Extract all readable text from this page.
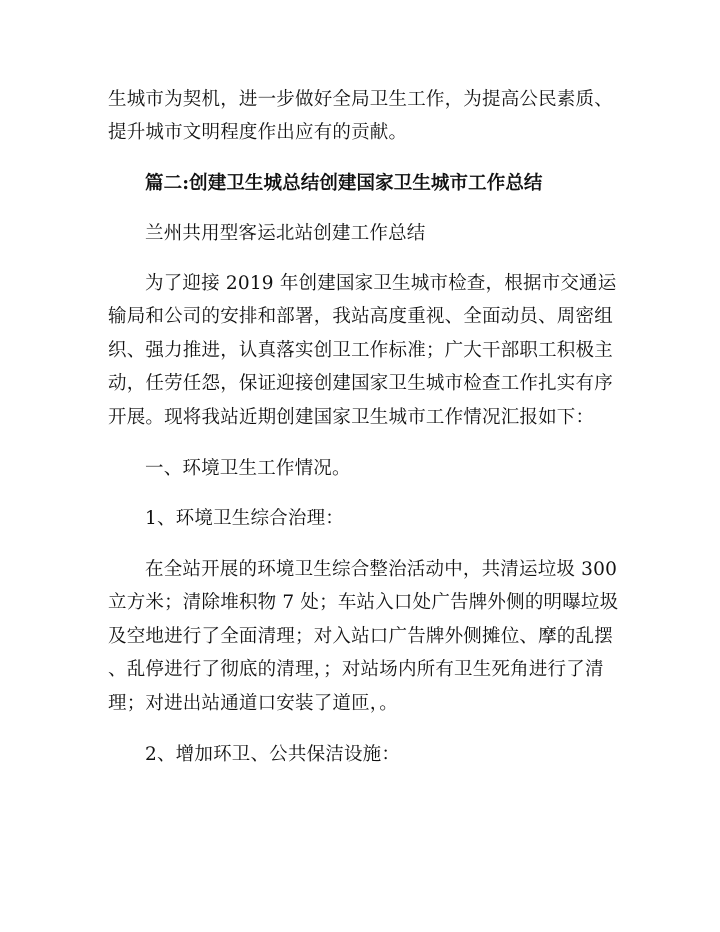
生城市为契机，进一步做好全局卫生工作，为提高公民素质、
提升城市文明程度作出应有的贡献。
篇二:创建卫生城总结创建国家卫生城市工作总结
兰州共用型客运北站创建工作总结
为了迎接 2019 年创建国家卫生城市检查，根据市交通运
输局和公司的安排和部署，我站高度重视、全面动员、周密组
织、强力推进，认真落实创卫工作标准；广大干部职工积极主
动，任劳任怨，保证迎接创建国家卫生城市检查工作扎实有序
开展。现将我站近期创建国家卫生城市工作情况汇报如下：
一、环境卫生工作情况。
1、环境卫生综合治理：
在全站开展的环境卫生综合整治活动中，共清运垃圾 300
立方米；清除堆积物 7 处；车站入口处广告牌外侧的明曝垃圾
及空地进行了全面清理；对入站口广告牌外侧摊位、摩的乱摆
、乱停进行了彻底的清理，；对站场内所有卫生死角进行了清
理；对进出站通道口安装了道匝，。
2、增加环卫、公共保洁设施：
